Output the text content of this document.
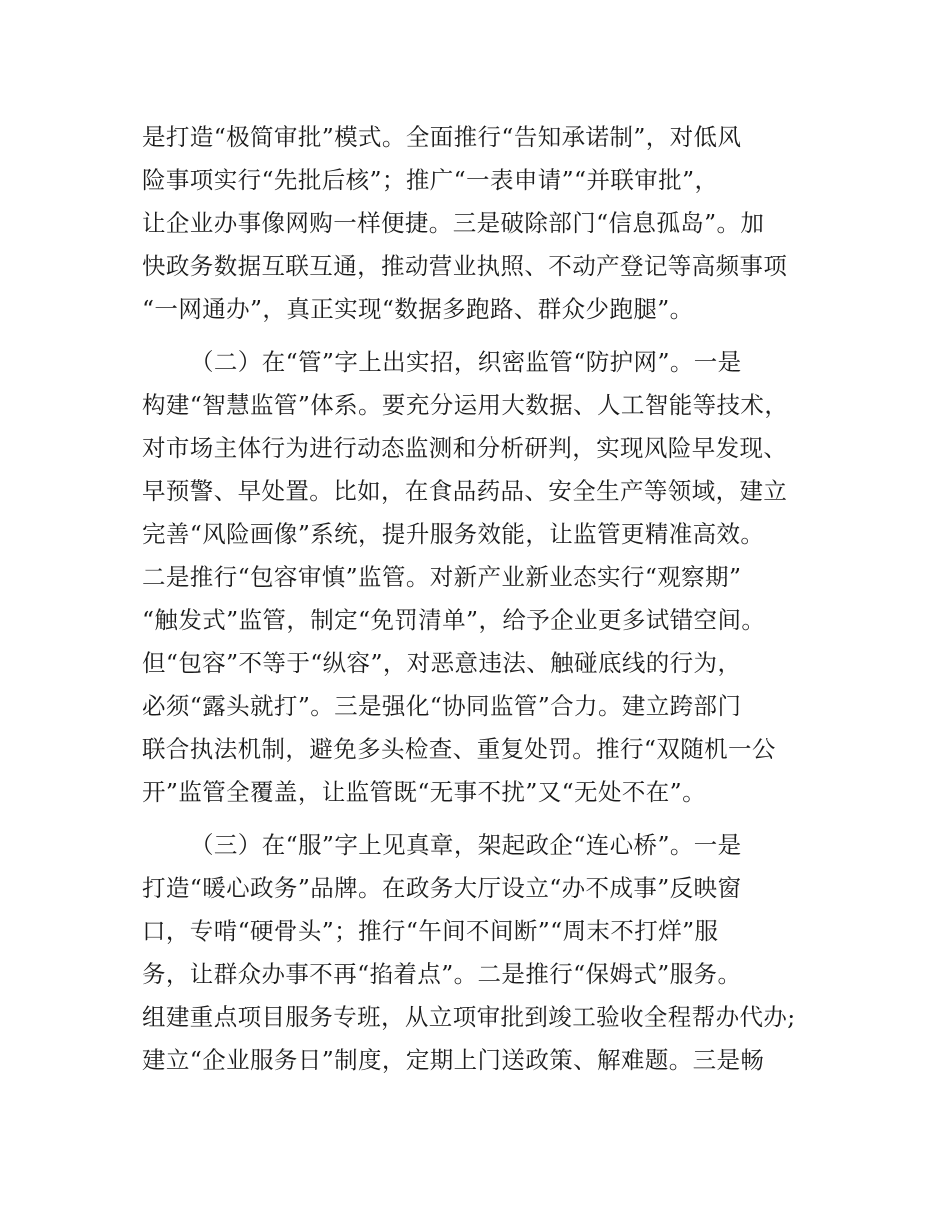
是打造“极简审批”模式。全面推行“告知承诺制”，对低风
险事项实行“先批后核”；推广“一表申请”“并联审批”，
让企业办事像网购一样便捷。三是破除部门“信息孤岛”。加
快政务数据互联互通，推动营业执照、不动产登记等高频事项
“一网通办”，真正实现“数据多跑路、群众少跑腿”。
（二）在“管”字上出实招，织密监管“防护网”。一是
构建“智慧监管”体系。要充分运用大数据、人工智能等技术，
对市场主体行为进行动态监测和分析研判，实现风险早发现、
早预警、早处置。比如，在食品药品、安全生产等领域，建立
完善“风险画像”系统，提升服务效能，让监管更精准高效。
二是推行“包容审慎”监管。对新产业新业态实行“观察期”
“触发式”监管，制定“免罚清单”，给予企业更多试错空间。
但“包容”不等于“纵容”，对恶意违法、触碰底线的行为，
必须“露头就打”。三是强化“协同监管”合力。建立跨部门
联合执法机制，避免多头检查、重复处罚。推行“双随机一公
开”监管全覆盖，让监管既“无事不扰”又“无处不在”。
（三）在“服”字上见真章，架起政企“连心桥”。一是
打造“暖心政务”品牌。在政务大厅设立“办不成事”反映窗
口，专啃“硬骨头”；推行“午间不间断”“周末不打烊”服
务，让群众办事不再“掐着点”。二是推行“保姆式”服务。
组建重点项目服务专班，从立项审批到竣工验收全程帮办代办;
建立“企业服务日”制度，定期上门送政策、解难题。三是畅
